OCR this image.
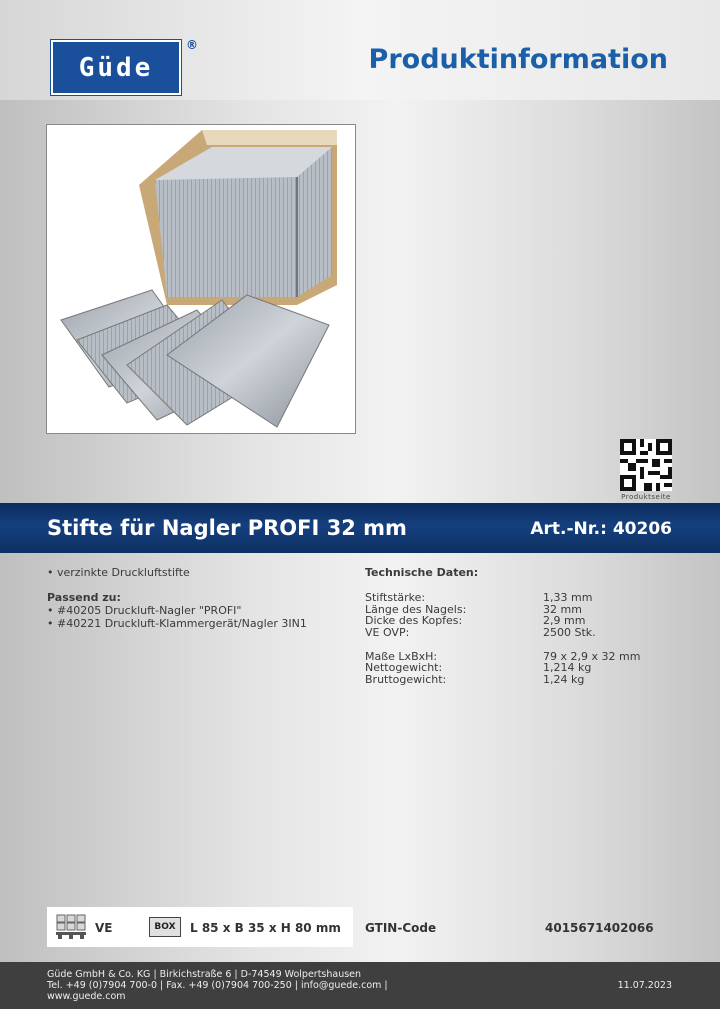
Güde
®	Produktinformation
Produktseite
Stifte für Nagler PROFI 32 mm	Art.-Nr.: 40206
• verzinkte Druckluftstifte
Passend zu:
• #40205 Druckluft-Nagler "PROFI"
• #40221 Druckluft-Klammergerät/Nagler 3IN1
Technische Daten:
Stiftstärke:	1,33 mm
Länge des Nagels:	32 mm
Dicke des Kopfes:	2,9 mm
VE OVP:	2500 Stk.
Maße LxBxH:	79 x 2,9 x 32 mm
Nettogewicht:	1,214 kg
Bruttogewicht:	1,24 kg
VE	BOX L 85 x B 35 x H 80 mm GTIN-Code	4015671402066
Güde GmbH & Co. KG | Birkichstraße 6 | D-74549 Wolpertshausen
Tel. +49 (0)7904 700-0 | Fax. +49 (0)7904 700-250 | info@guede.com |
www.guede.com
11.07.2023
